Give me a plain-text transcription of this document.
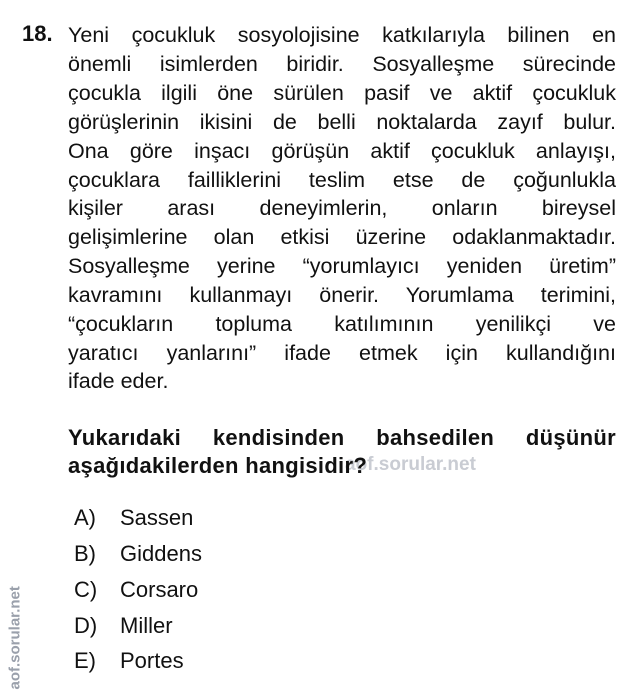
aof.sorular.net
aof.sorular.net
18. Yeni çocukluk sosyolojisine katkılarıyla bilinen en
önemli isimlerden biridir. Sosyalleşme sürecinde
çocukla ilgili öne sürülen pasif ve aktif çocukluk
görüşlerinin ikisini de belli noktalarda zayıf bulur.
Ona göre inşacı görüşün aktif çocukluk anlayışı,
çocuklara failliklerini teslim etse de çoğunlukla
kişiler arası deneyimlerin, onların bireysel
gelişimlerine olan etkisi üzerine odaklanmaktadır.
Sosyalleşme yerine “yorumlayıcı yeniden üretim”
kavramını kullanmayı önerir. Yorumlama terimini,
“çocukların topluma katılımının yenilikçi ve
yaratıcı yanlarını” ifade etmek için kullandığını
ifade eder.
Yukarıdaki kendisinden bahsedilen düşünür
aşağıdakilerden hangisidir?
A) Sassen
B) Giddens
C) Corsaro
D) Miller
E) Portes
